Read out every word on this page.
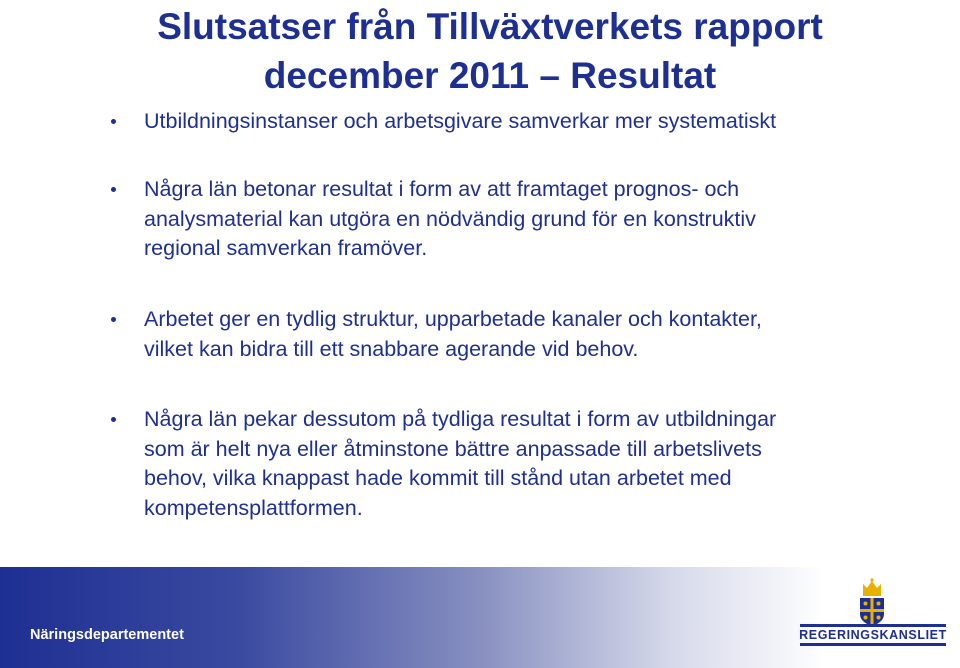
Slutsatser från Tillväxtverkets rapport
december 2011 – Resultat
Utbildningsinstanser och arbetsgivare samverkar mer systematiskt
Några län betonar resultat i form av att framtaget prognos- och
analysmaterial kan utgöra en nödvändig grund för en konstruktiv
regional samverkan framöver.
Arbetet ger en tydlig struktur, upparbetade kanaler och kontakter,
vilket kan bidra till ett snabbare agerande vid behov.
Några län pekar dessutom på tydliga resultat i form av utbildningar
som är helt nya eller åtminstone bättre anpassade till arbetslivets
behov, vilka knappast hade kommit till stånd utan arbetet med
kompetensplattformen.
Näringsdepartementet	REGERINGSKANSLIET
